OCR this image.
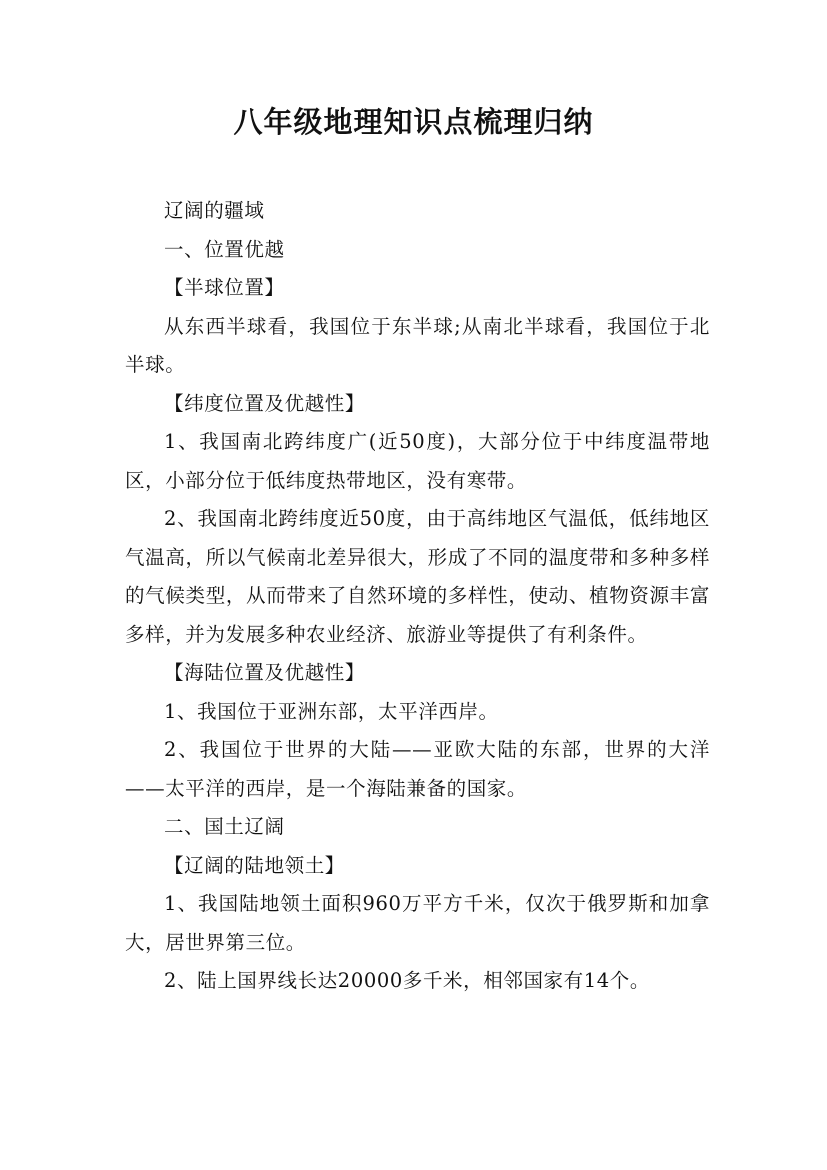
八年级地理知识点梳理归纳

辽阔的疆域

一、位置优越

【半球位置】

从东西半球看，我国位于东半球;从南北半球看，我国位于北半球。

【纬度位置及优越性】

1、我国南北跨纬度广(近50度)，大部分位于中纬度温带地区，小部分位于低纬度热带地区，没有寒带。

2、我国南北跨纬度近50度，由于高纬地区气温低，低纬地区气温高，所以气候南北差异很大，形成了不同的温度带和多种多样的气候类型，从而带来了自然环境的多样性，使动、植物资源丰富多样，并为发展多种农业经济、旅游业等提供了有利条件。

【海陆位置及优越性】

1、我国位于亚洲东部，太平洋西岸。

2、我国位于世界的大陆——亚欧大陆的东部，世界的大洋——太平洋的西岸，是一个海陆兼备的国家。

二、国土辽阔

【辽阔的陆地领土】

1、我国陆地领土面积960万平方千米，仅次于俄罗斯和加拿大，居世界第三位。

2、陆上国界线长达20000多千米，相邻国家有14个。
